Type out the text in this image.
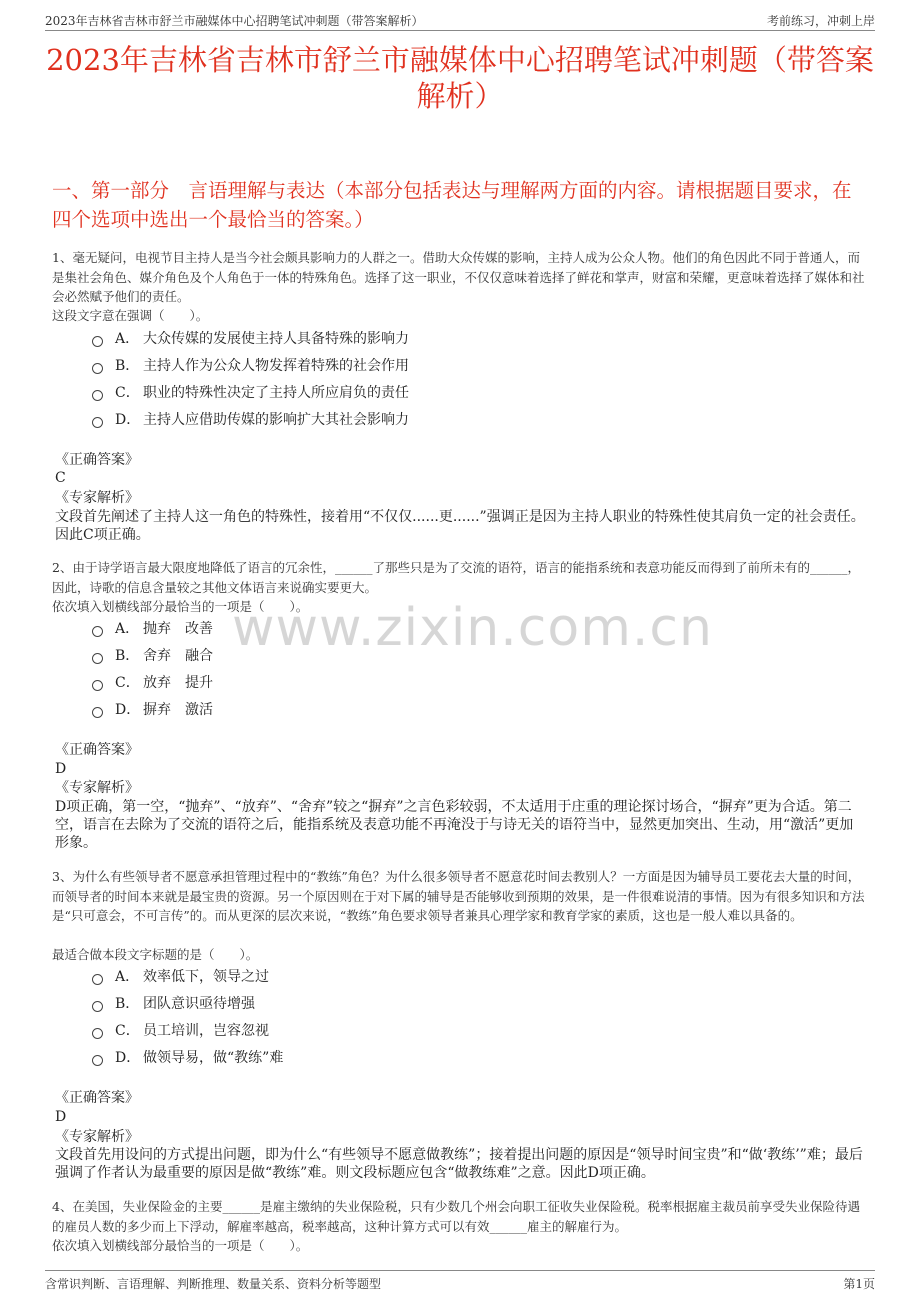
2023年吉林省吉林市舒兰市融媒体中心招聘笔试冲刺题（带答案解析）	考前练习，冲刺上岸
2023年吉林省吉林市舒兰市融媒体中心招聘笔试冲刺题（带答案解析）
一、第一部分　言语理解与表达（本部分包括表达与理解两方面的内容。请根据题目要求，在四个选项中选出一个最恰当的答案。）
www.zixin.com.cn
1、毫无疑问，电视节目主持人是当今社会颇具影响力的人群之一。借助大众传媒的影响，主持人成为公众人物。他们的角色因此不同于普通人，而是集社会角色、媒介角色及个人角色于一体的特殊角色。选择了这一职业，不仅仅意味着选择了鲜花和掌声，财富和荣耀，更意味着选择了媒体和社会必然赋予他们的责任。
这段文字意在强调（　　）。
A． 大众传媒的发展使主持人具备特殊的影响力
B． 主持人作为公众人物发挥着特殊的社会作用
C． 职业的特殊性决定了主持人所应肩负的责任
D． 主持人应借助传媒的影响扩大其社会影响力
《正确答案》
C
《专家解析》
文段首先阐述了主持人这一角色的特殊性，接着用“不仅仅......更......”强调正是因为主持人职业的特殊性使其肩负一定的社会责任。因此C项正确。
2、由于诗学语言最大限度地降低了语言的冗余性，______了那些只是为了交流的语符，语言的能指系统和表意功能反而得到了前所未有的______，因此，诗歌的信息含量较之其他文体语言来说确实要更大。
依次填入划横线部分最恰当的一项是（　　）。
A． 抛弃　改善
B． 舍弃　融合
C． 放弃　提升
D． 摒弃　激活
《正确答案》
D
《专家解析》
D项正确，第一空，“抛弃”、“放弃”、“舍弃”较之“摒弃”之言色彩较弱，不太适用于庄重的理论探讨场合，“摒弃”更为合适。第二空，语言在去除为了交流的语符之后，能指系统及表意功能不再淹没于与诗无关的语符当中，显然更加突出、生动，用“激活”更加形象。
3、为什么有些领导者不愿意承担管理过程中的“教练”角色？为什么很多领导者不愿意花时间去教别人？一方面是因为辅导员工要花去大量的时间，而领导者的时间本来就是最宝贵的资源。另一个原因则在于对下属的辅导是否能够收到预期的效果，是一件很难说清的事情。因为有很多知识和方法是“只可意会，不可言传”的。而从更深的层次来说，“教练”角色要求领导者兼具心理学家和教育学家的素质，这也是一般人难以具备的。
最适合做本段文字标题的是（　　）。
A． 效率低下，领导之过
B． 团队意识亟待增强
C． 员工培训，岂容忽视
D． 做领导易，做“教练”难
《正确答案》
D
《专家解析》
文段首先用设问的方式提出问题，即为什么“有些领导不愿意做教练”；接着提出问题的原因是“领导时间宝贵”和“做‘教练’”难；最后强调了作者认为最重要的原因是做“教练”难。则文段标题应包含“做教练难”之意。因此D项正确。
4、在美国，失业保险金的主要______是雇主缴纳的失业保险税，只有少数几个州会向职工征收失业保险税。税率根据雇主裁员前享受失业保险待遇的雇员人数的多少而上下浮动，解雇率越高，税率越高，这种计算方式可以有效______雇主的解雇行为。
依次填入划横线部分最恰当的一项是（　　）。
含常识判断、言语理解、判断推理、数量关系、资料分析等题型	第1页
